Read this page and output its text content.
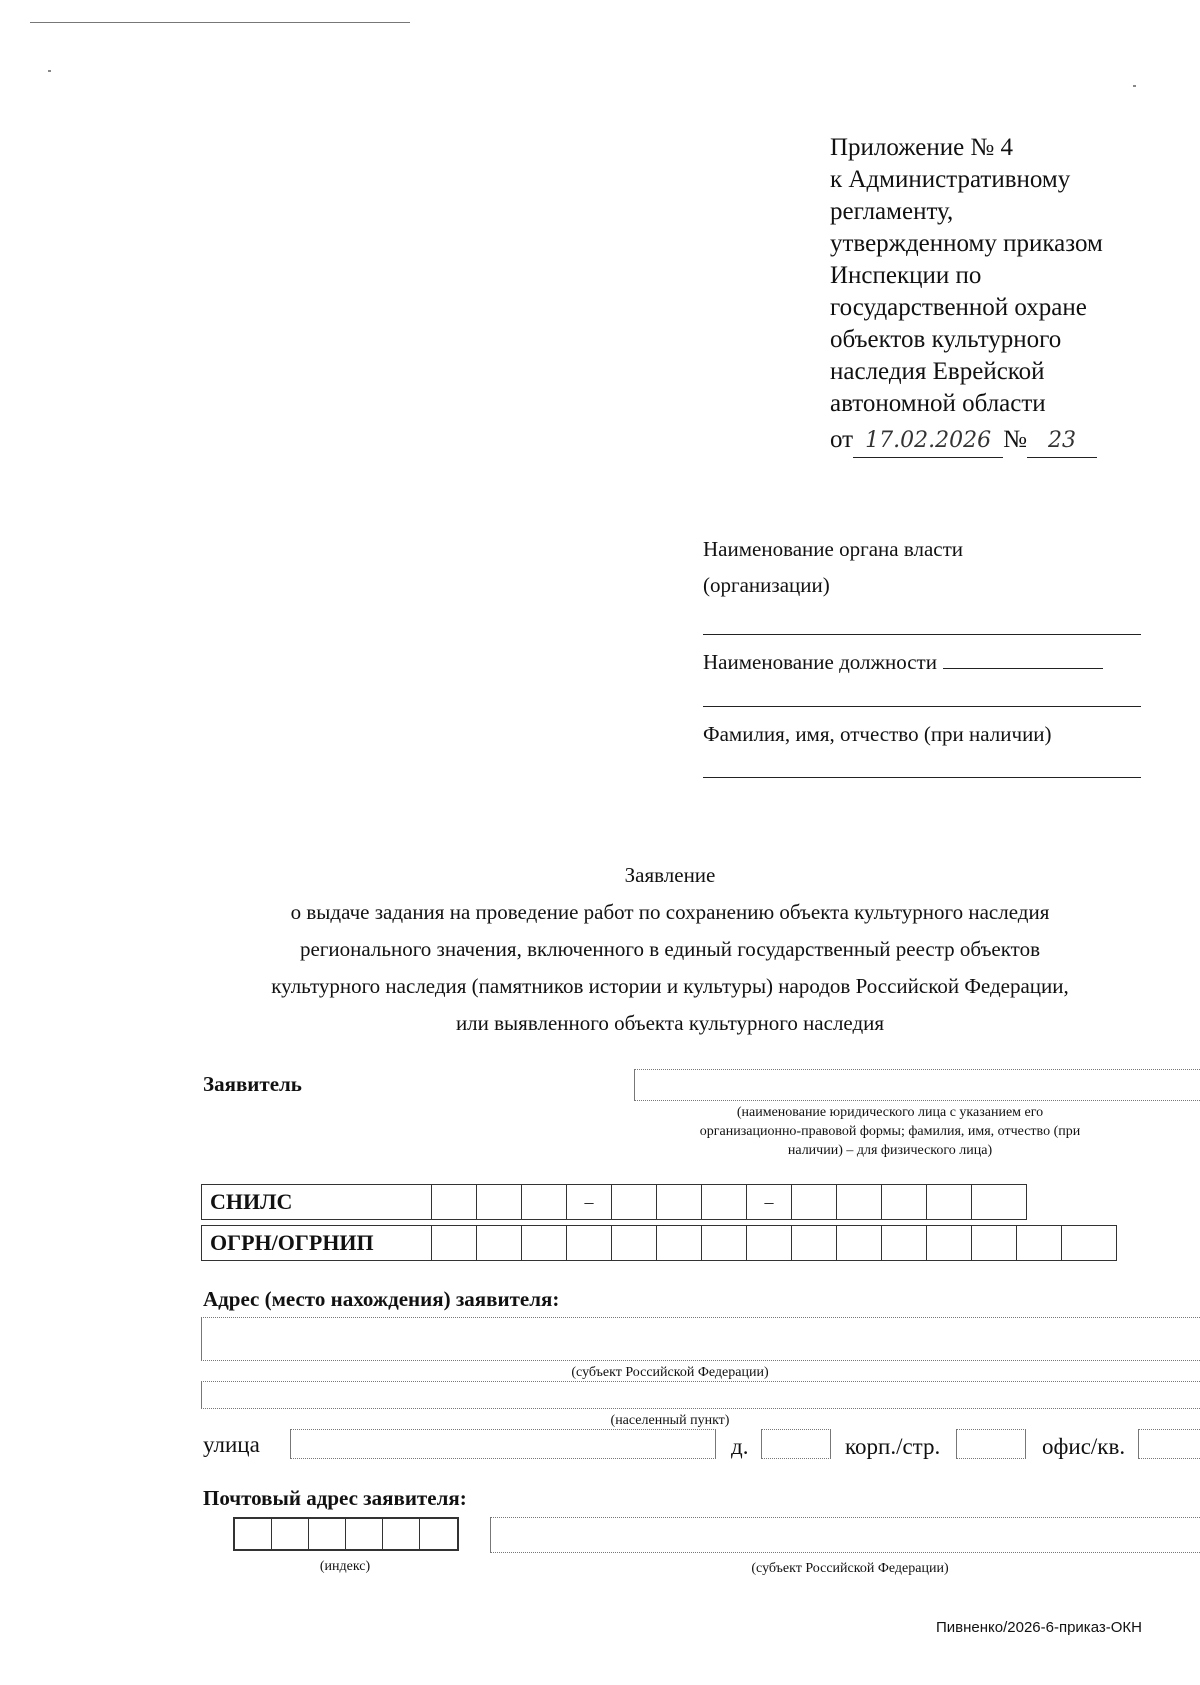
Приложение № 4
к Административному
регламенту,
утвержденному приказом
Инспекции по
государственной охране
объектов культурного
наследия Еврейской
автономной области
от 17.02.2026 № 23
Наименование органа власти
(организации)
Наименование должности
Фамилия, имя, отчество (при наличии)
Заявление
о выдаче задания на проведение работ по сохранению объекта культурного наследия
регионального значения, включенного в единый государственный реестр объектов
культурного наследия (памятников истории и культуры) народов Российской Федерации,
или выявленного объекта культурного наследия
Заявитель
(наименование юридического лица с указанием его
организационно-правовой формы; фамилия, имя, отчество (при
наличии) – для физического лица)
СНИЛС	–	–
ОГРН/ОГРНИП
Адрес (место нахождения) заявителя:
(субъект Российской Федерации)
(населенный пункт)
улица	д.	корп./стр.	офис/кв.
Почтовый адрес заявителя:
(индекс)	(субъект Российской Федерации)
Пивненко/2026-6-приказ-ОКН
